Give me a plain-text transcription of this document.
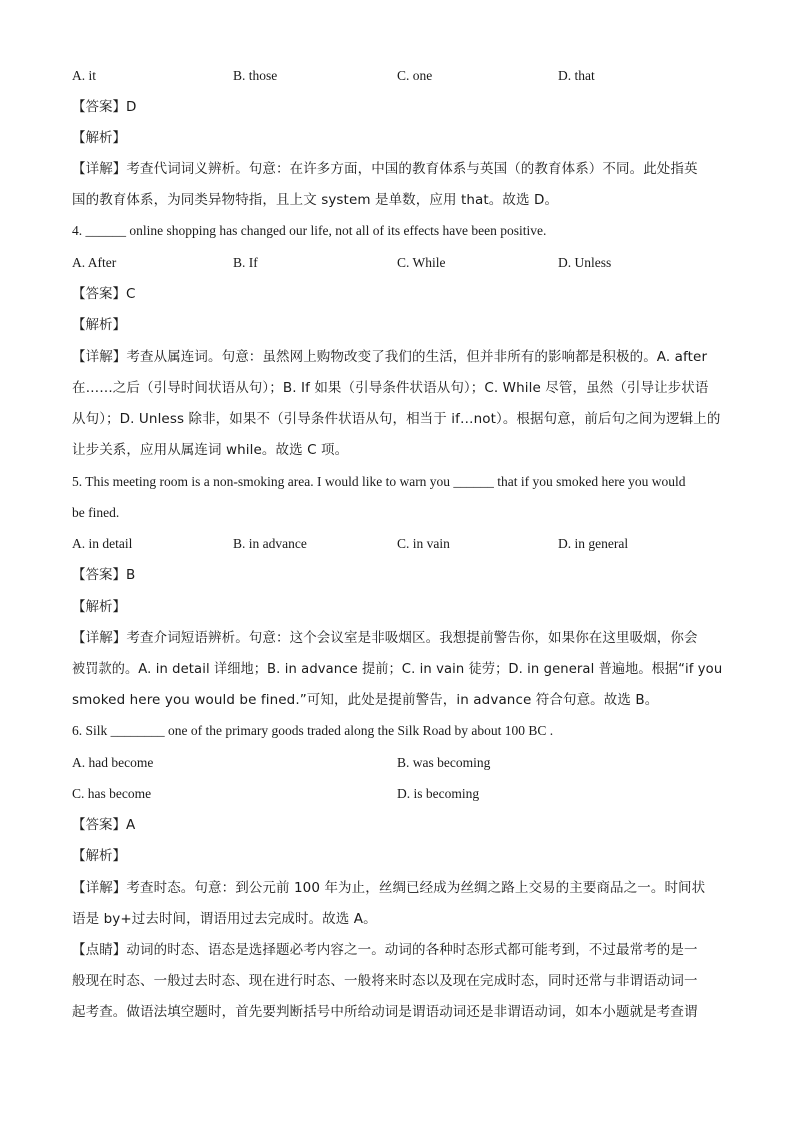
A. it	B. those	C. one	D. that
【答案】D
【解析】
【详解】考查代词词义辨析。句意：在许多方面，中国的教育体系与英国（的教育体系）不同。此处指英
国的教育体系，为同类异物特指，且上文 system 是单数，应用 that。故选 D。
4. ______ online shopping has changed our life, not all of its effects have been positive.
A. After	B. If	C. While	D. Unless
【答案】C
【解析】
【详解】考查从属连词。句意：虽然网上购物改变了我们的生活，但并非所有的影响都是积极的。A. after
在……之后（引导时间状语从句）；B. If 如果（引导条件状语从句）；C. While 尽管，虽然（引导让步状语
从句）；D. Unless 除非，如果不（引导条件状语从句，相当于 if…not）。根据句意，前后句之间为逻辑上的
让步关系，应用从属连词 while。故选 C 项。
5. This meeting room is a non-smoking area. I would like to warn you ______ that if you smoked here you would
be fined.
A. in detail	B. in advance	C. in vain	D. in general
【答案】B
【解析】
【详解】考查介词短语辨析。句意：这个会议室是非吸烟区。我想提前警告你，如果你在这里吸烟，你会
被罚款的。A. in detail 详细地；B. in advance 提前；C. in vain 徒劳；D. in general 普遍地。根据“if you
smoked here you would be fined.”可知，此处是提前警告，in advance 符合句意。故选 B。
6. Silk ________ one of the primary goods traded along the Silk Road by about 100 BC .
A. had become	B. was becoming
C. has become	D. is becoming
【答案】A
【解析】
【详解】考查时态。句意：到公元前 100 年为止，丝绸已经成为丝绸之路上交易的主要商品之一。时间状
语是 by+过去时间，谓语用过去完成时。故选 A。
【点睛】动词的时态、语态是选择题必考内容之一。动词的各种时态形式都可能考到，不过最常考的是一
般现在时态、一般过去时态、现在进行时态、一般将来时态以及现在完成时态，同时还常与非谓语动词一
起考查。做语法填空题时，首先要判断括号中所给动词是谓语动词还是非谓语动词，如本小题就是考查谓
